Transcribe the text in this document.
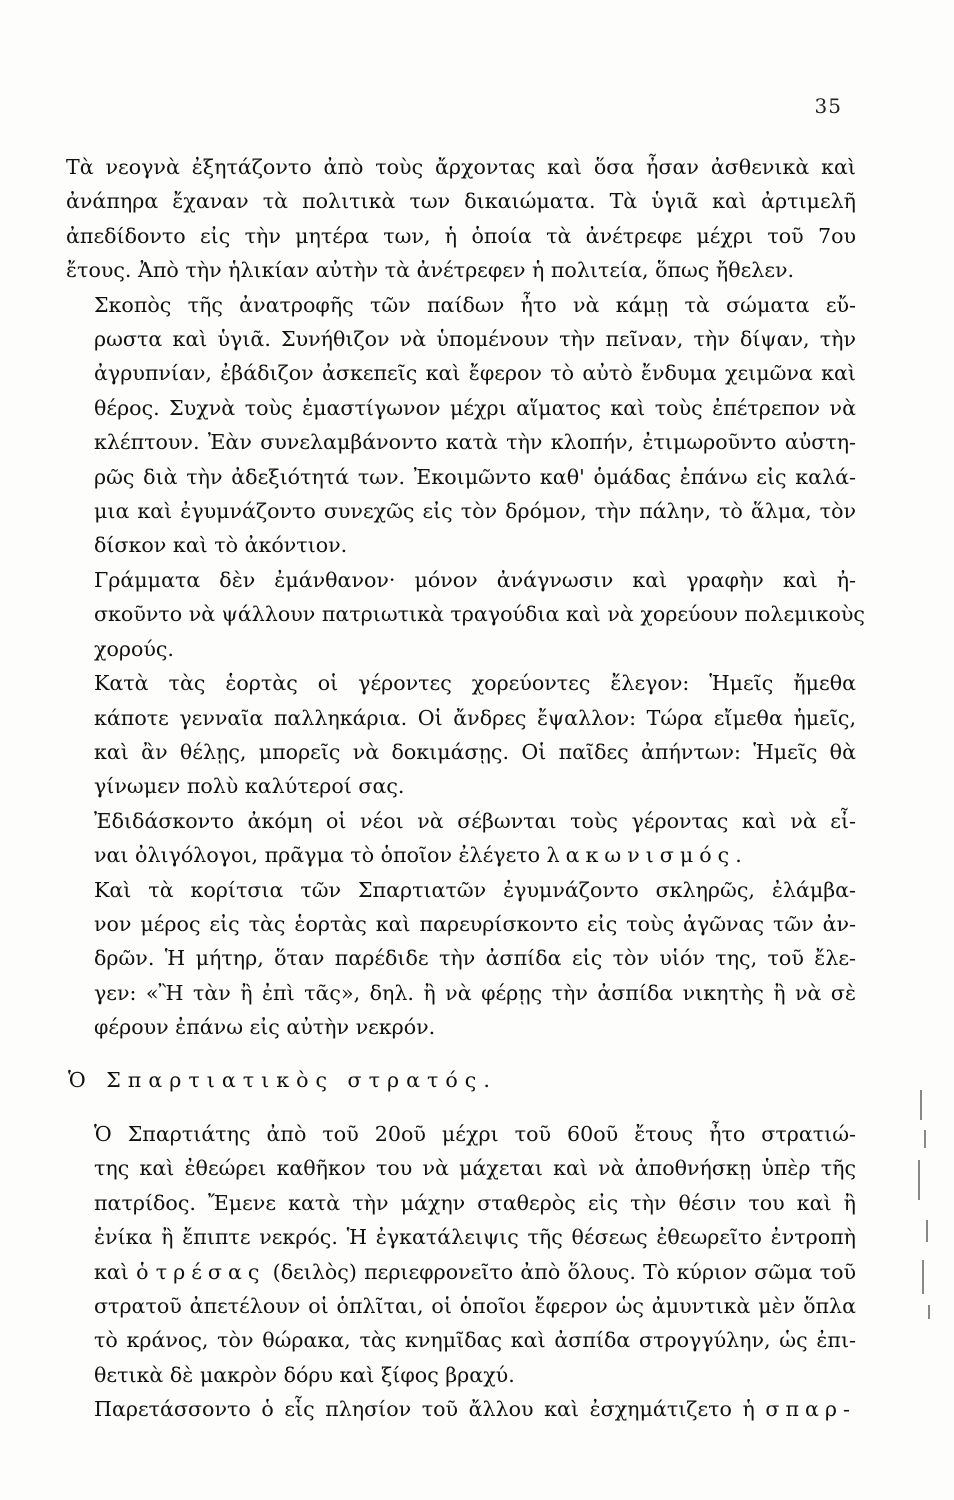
35

Τὰ νεογνὰ ἐξητάζοντο ἀπὸ τοὺς ἄρχοντας καὶ ὅσα ἦσαν ἀσθενικὰ καὶ
ἀνάπηρα ἔχαναν τὰ πολιτικὰ των δικαιώματα. Τὰ ὑγιᾶ καὶ ἀρτιμελῆ
ἀπεδίδοντο εἰς τὴν μητέρα των, ἡ ὁποία τὰ ἀνέτρεφε μέχρι τοῦ 7ου
ἔτους. Ἀπὸ τὴν ἡλικίαν αὐτὴν τὰ ἀνέτρεφεν ἡ πολιτεία, ὅπως ἤθελεν.

Σκοπὸς τῆς ἀνατροφῆς τῶν παίδων ἦτο νὰ κάμῃ τὰ σώματα εὔ-
ρωστα καὶ ὑγιᾶ. Συνήθιζον νὰ ὑπομένουν τὴν πεῖναν, τὴν δίψαν, τὴν
ἀγρυπνίαν, ἐβάδιζον ἀσκεπεῖς καὶ ἔφερον τὸ αὐτὸ ἔνδυμα χειμῶνα καὶ
θέρος. Συχνὰ τοὺς ἐμαστίγωνον μέχρι αἵματος καὶ τοὺς ἐπέτρεπον νὰ
κλέπτουν. Ἐὰν συνελαμβάνοντο κατὰ τὴν κλοπήν, ἐτιμωροῦντο αὐστη-
ρῶς διὰ τὴν ἀδεξιότητά των. Ἐκοιμῶντο καθ' ὁμάδας ἐπάνω εἰς καλά-
μια καὶ ἐγυμνάζοντο συνεχῶς εἰς τὸν δρόμον, τὴν πάλην, τὸ ἅλμα, τὸν
δίσκον καὶ τὸ ἀκόντιον.

Γράμματα δὲν ἐμάνθανον· μόνον ἀνάγνωσιν καὶ γραφὴν καὶ ἠ-
σκοῦντο νὰ ψάλλουν πατριωτικὰ τραγούδια καὶ νὰ χορεύουν πολεμικοὺς
χορούς.

Κατὰ τὰς ἑορτὰς οἱ γέροντες χορεύοντες ἔλεγον: Ἡμεῖς ἤμεθα
κάποτε γενναῖα παλληκάρια. Οἱ ἄνδρες ἔψαλλον: Τώρα εἴμεθα ἡμεῖς,
καὶ ἂν θέλῃς, μπορεῖς νὰ δοκιμάσῃς. Οἱ παῖδες ἀπήντων: Ἡμεῖς θὰ
γίνωμεν πολὺ καλύτεροί σας.

Ἐδιδάσκοντο ἀκόμη οἱ νέοι νὰ σέβωνται τοὺς γέροντας καὶ νὰ εἶ-
ναι ὀλιγόλογοι, πρᾶγμα τὸ ὁποῖον ἐλέγετο λακωνισμός.

Καὶ τὰ κορίτσια τῶν Σπαρτιατῶν ἐγυμνάζοντο σκληρῶς, ἐλάμβα-
νον μέρος εἰς τὰς ἑορτὰς καὶ παρευρίσκοντο εἰς τοὺς ἀγῶνας τῶν ἀν-
δρῶν. Ἡ μήτηρ, ὅταν παρέδιδε τὴν ἀσπίδα εἰς τὸν υἱόν της, τοῦ ἔλε-
γεν: «Ἢ τὰν ἢ ἐπὶ τᾶς», δηλ. ἢ νὰ φέρῃς τὴν ἀσπίδα νικητὴς ἢ νὰ σὲ
φέρουν ἐπάνω εἰς αὐτὴν νεκρόν.

Ὁ Σπαρτιατικὸς στρατός.

Ὁ Σπαρτιάτης ἀπὸ τοῦ 20οῦ μέχρι τοῦ 60οῦ ἔτους ἦτο στρατιώ-
της καὶ ἐθεώρει καθῆκον του νὰ μάχεται καὶ νὰ ἀποθνήσκῃ ὑπὲρ τῆς
πατρίδος. Ἔμενε κατὰ τὴν μάχην σταθερὸς εἰς τὴν θέσιν του καὶ ἢ
ἐνίκα ἢ ἔπιπτε νεκρός. Ἡ ἐγκατάλειψις τῆς θέσεως ἐθεωρεῖτο ἐντροπὴ
καὶ ὁ τρέσας (δειλὸς) περιεφρονεῖτο ἀπὸ ὅλους. Τὸ κύριον σῶμα τοῦ
στρατοῦ ἀπετέλουν οἱ ὁπλῖται, οἱ ὁποῖοι ἔφερον ὡς ἀμυντικὰ μὲν ὅπλα
τὸ κράνος, τὸν θώρακα, τὰς κνημῖδας καὶ ἀσπίδα στρογγύλην, ὡς ἐπι-
θετικὰ δὲ μακρὸν δόρυ καὶ ξίφος βραχύ.

Παρετάσσοντο ὁ εἷς πλησίον τοῦ ἄλλου καὶ ἐσχημάτιζετο ἡ σπαρ-
